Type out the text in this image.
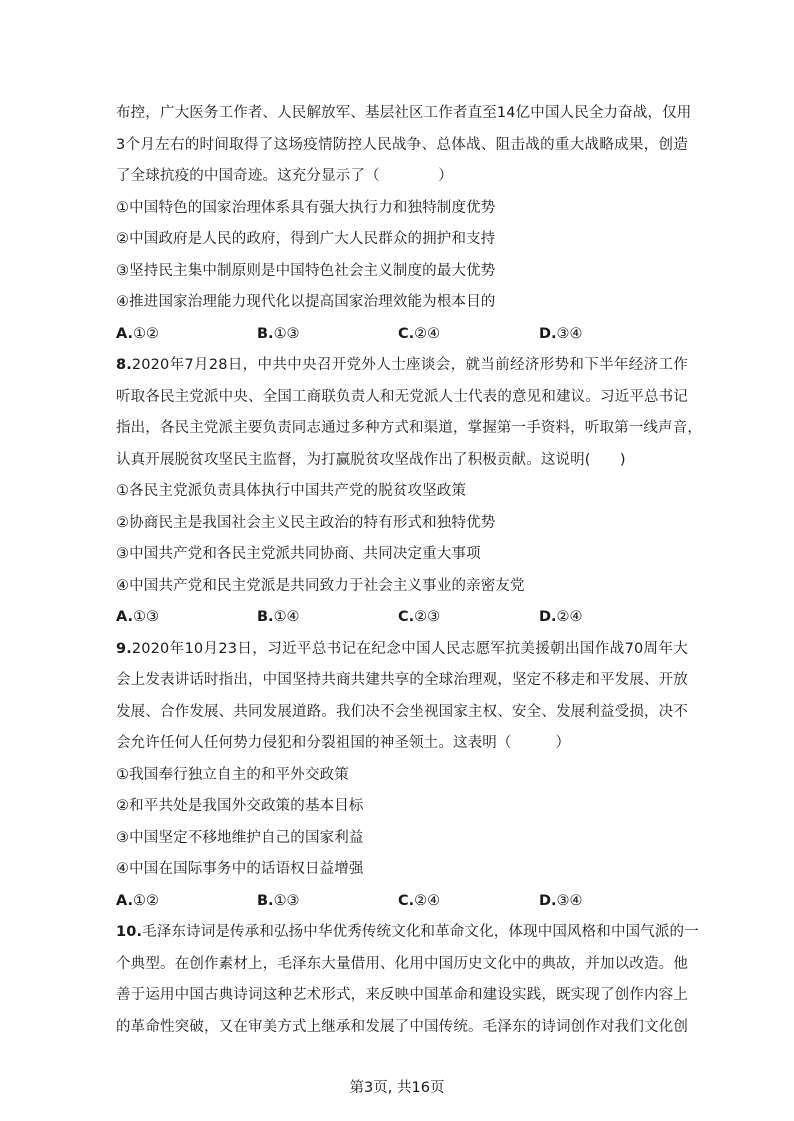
布控，广大医务工作者、人民解放军、基层社区工作者直至14亿中国人民全力奋战，仅用
3个月左右的时间取得了这场疫情防控人民战争、总体战、阻击战的重大战略成果，创造
了全球抗疫的中国奇迹。这充分显示了（　　　　）
①中国特色的国家治理体系具有强大执行力和独特制度优势
②中国政府是人民的政府，得到广大人民群众的拥护和支持
③坚持民主集中制原则是中国特色社会主义制度的最大优势
④推进国家治理能力现代化以提高国家治理效能为根本目的
A.①②	B.①③	C.②④	D.③④
8.2020年7月28日，中共中央召开党外人士座谈会，就当前经济形势和下半年经济工作
听取各民主党派中央、全国工商联负责人和无党派人士代表的意见和建议。习近平总书记
指出，各民主党派主要负责同志通过多种方式和渠道，掌握第一手资料，听取第一线声音，
认真开展脱贫攻坚民主监督，为打赢脱贫攻坚战作出了积极贡献。这说明(　　)
①各民主党派负责具体执行中国共产党的脱贫攻坚政策
②协商民主是我国社会主义民主政治的特有形式和独特优势
③中国共产党和各民主党派共同协商、共同决定重大事项
④中国共产党和民主党派是共同致力于社会主义事业的亲密友党
A.①③	B.①④	C.②③	D.②④
9.2020年10月23日，习近平总书记在纪念中国人民志愿军抗美援朝出国作战70周年大
会上发表讲话时指出，中国坚持共商共建共享的全球治理观，坚定不移走和平发展、开放
发展、合作发展、共同发展道路。我们决不会坐视国家主权、安全、发展利益受损，决不
会允许任何人任何势力侵犯和分裂祖国的神圣领土。这表明（　　　）
①我国奉行独立自主的和平外交政策
②和平共处是我国外交政策的基本目标
③中国坚定不移地维护自己的国家利益
④中国在国际事务中的话语权日益增强
A.①②	B.①③	C.②④	D.③④
10.毛泽东诗词是传承和弘扬中华优秀传统文化和革命文化，体现中国风格和中国气派的一
个典型。在创作素材上，毛泽东大量借用、化用中国历史文化中的典故，并加以改造。他
善于运用中国古典诗词这种艺术形式，来反映中国革命和建设实践，既实现了创作内容上
的革命性突破，又在审美方式上继承和发展了中国传统。毛泽东的诗词创作对我们文化创
第3页, 共16页
